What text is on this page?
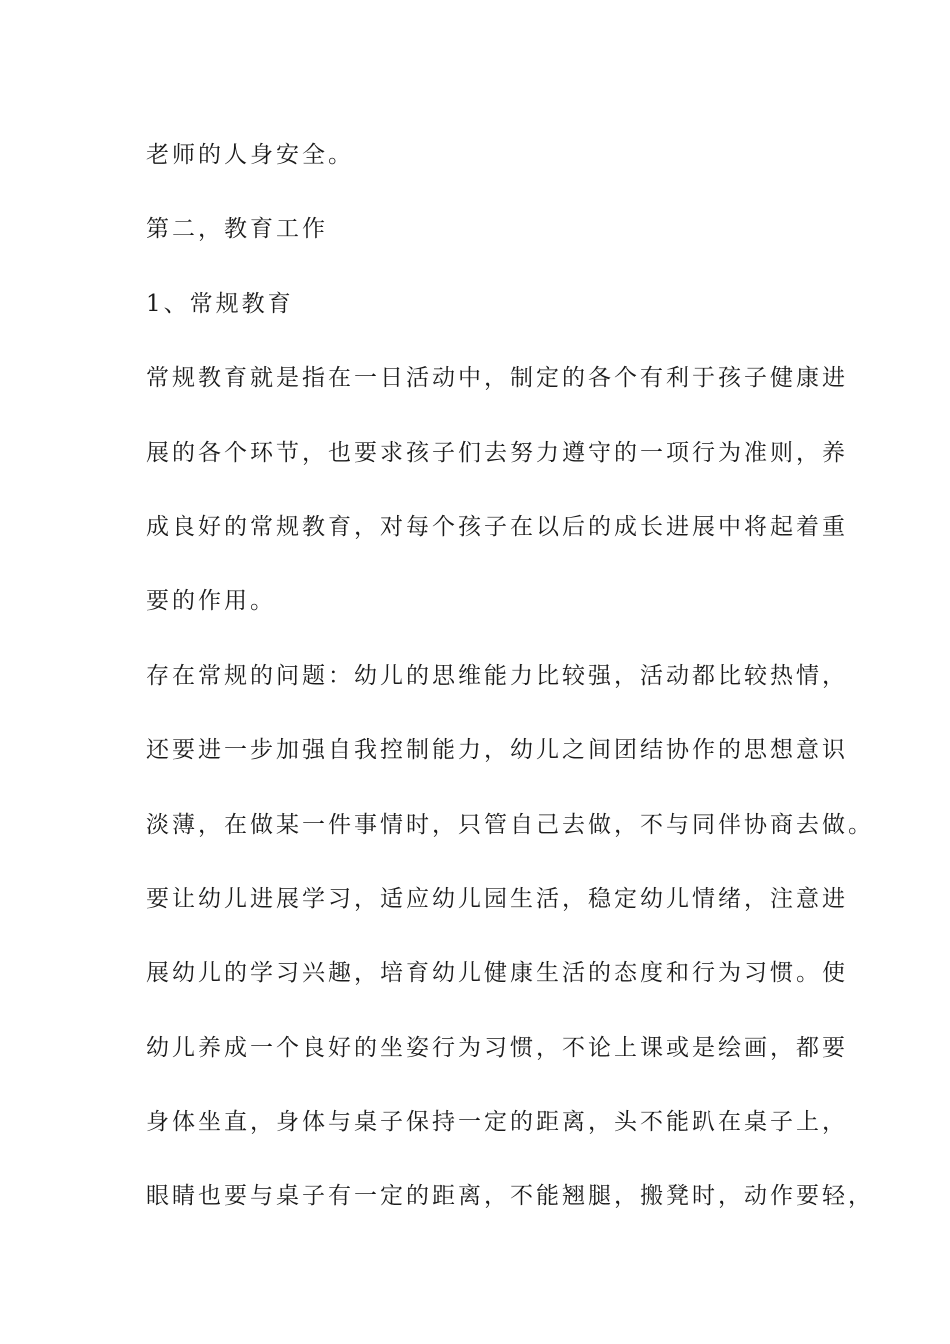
老师的人身安全。
第二，教育工作
1、常规教育
常规教育就是指在一日活动中，制定的各个有利于孩子健康进
展的各个环节，也要求孩子们去努力遵守的一项行为准则，养
成良好的常规教育，对每个孩子在以后的成长进展中将起着重
要的作用。
存在常规的问题：幼儿的思维能力比较强，活动都比较热情，
还要进一步加强自我控制能力，幼儿之间团结协作的思想意识
淡薄，在做某一件事情时，只管自己去做，不与同伴协商去做。
要让幼儿进展学习，适应幼儿园生活，稳定幼儿情绪，注意进
展幼儿的学习兴趣，培育幼儿健康生活的态度和行为习惯。使
幼儿养成一个良好的坐姿行为习惯，不论上课或是绘画，都要
身体坐直，身体与桌子保持一定的距离，头不能趴在桌子上，
眼睛也要与桌子有一定的距离，不能翘腿，搬凳时，动作要轻，
